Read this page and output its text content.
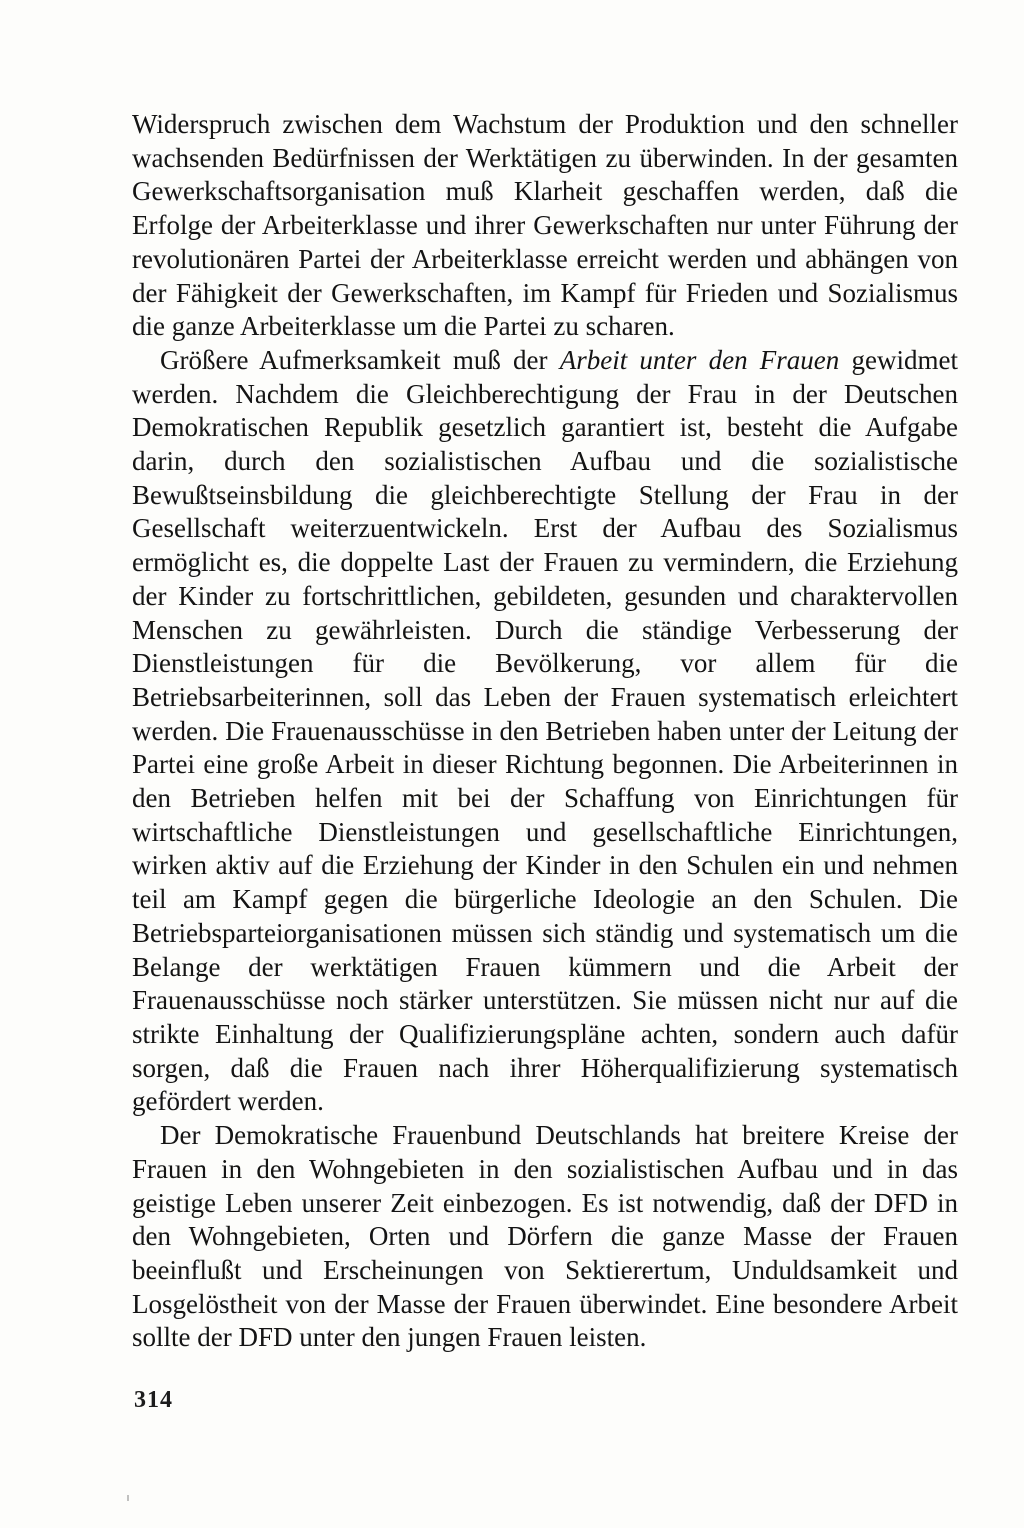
Widerspruch zwischen dem Wachstum der Produktion und den schneller wachsenden Bedürfnissen der Werktätigen zu überwinden. In der gesamten Gewerkschaftsorganisation muß Klarheit geschaffen werden, daß die Erfolge der Arbeiterklasse und ihrer Gewerkschaften nur unter Führung der revolutionären Partei der Arbeiterklasse erreicht werden und abhängen von der Fähigkeit der Gewerkschaften, im Kampf für Frieden und Sozialismus die ganze Arbeiterklasse um die Partei zu scharen.

Größere Aufmerksamkeit muß der Arbeit unter den Frauen gewidmet werden. Nachdem die Gleichberechtigung der Frau in der Deutschen Demokratischen Republik gesetzlich garantiert ist, besteht die Aufgabe darin, durch den sozialistischen Aufbau und die sozialistische Bewußtseinsbildung die gleichberechtigte Stellung der Frau in der Gesellschaft weiterzuentwickeln. Erst der Aufbau des Sozialismus ermöglicht es, die doppelte Last der Frauen zu vermindern, die Erziehung der Kinder zu fortschrittlichen, gebildeten, gesunden und charaktervollen Menschen zu gewährleisten. Durch die ständige Verbesserung der Dienstleistungen für die Bevölkerung, vor allem für die Betriebsarbeiterinnen, soll das Leben der Frauen systematisch erleichtert werden. Die Frauenausschüsse in den Betrieben haben unter der Leitung der Partei eine große Arbeit in dieser Richtung begonnen. Die Arbeiterinnen in den Betrieben helfen mit bei der Schaffung von Einrichtungen für wirtschaftliche Dienstleistungen und gesellschaftliche Einrichtungen, wirken aktiv auf die Erziehung der Kinder in den Schulen ein und nehmen teil am Kampf gegen die bürgerliche Ideologie an den Schulen. Die Betriebsparteiorganisationen müssen sich ständig und systematisch um die Belange der werktätigen Frauen kümmern und die Arbeit der Frauenausschüsse noch stärker unterstützen. Sie müssen nicht nur auf die strikte Einhaltung der Qualifizierungspläne achten, sondern auch dafür sorgen, daß die Frauen nach ihrer Höherqualifizierung systematisch gefördert werden.

Der Demokratische Frauenbund Deutschlands hat breitere Kreise der Frauen in den Wohngebieten in den sozialistischen Aufbau und in das geistige Leben unserer Zeit einbezogen. Es ist notwendig, daß der DFD in den Wohngebieten, Orten und Dörfern die ganze Masse der Frauen beeinflußt und Erscheinungen von Sektierertum, Unduldsamkeit und Losgelöstheit von der Masse der Frauen überwindet. Eine besondere Arbeit sollte der DFD unter den jungen Frauen leisten.

314
